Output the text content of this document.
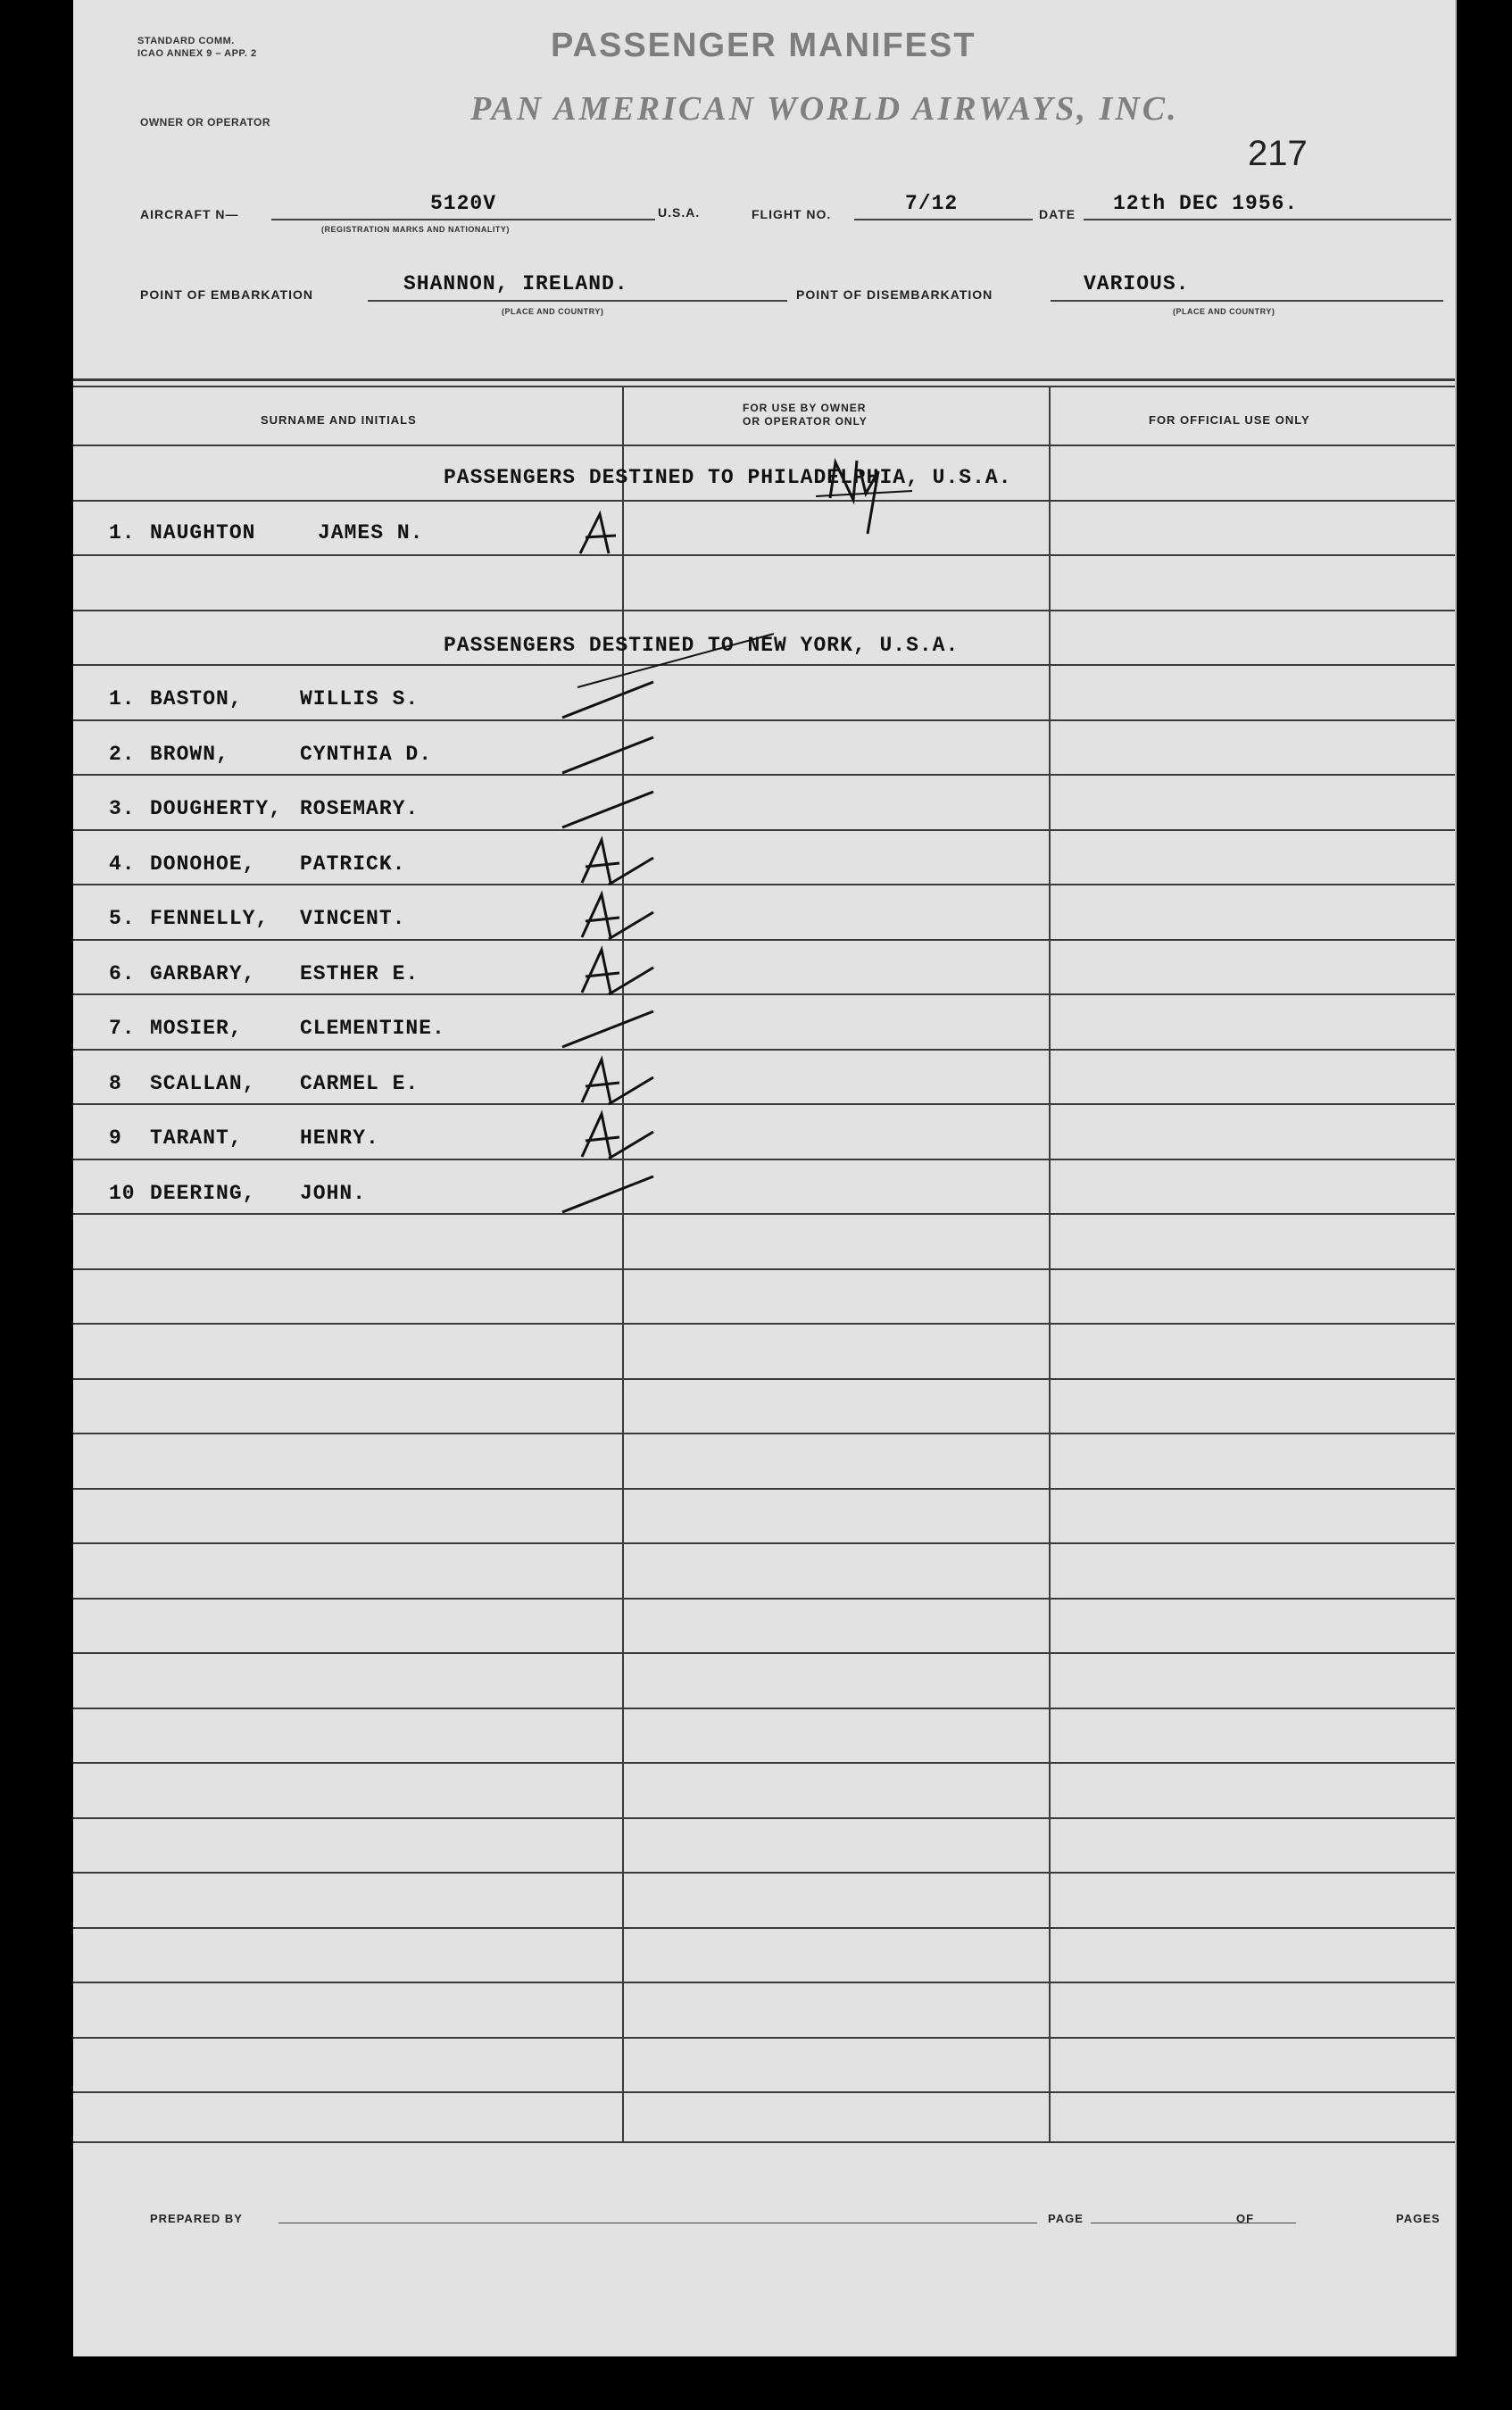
STANDARD COMM.
ICAO ANNEX 9 – APP. 2	PASSENGER MANIFEST
OWNER OR OPERATOR	PAN AMERICAN WORLD AIRWAYS, INC.
217
AIRCRAFT N—	5120V
(REGISTRATION MARKS AND NATIONALITY)
U.S.A.	FLIGHT NO.	7/12	DATE 12th DEC 1956.
POINT OF EMBARKATION	SHANNON, IRELAND.
(PLACE AND COUNTRY)
POINT OF DISEMBARKATION	VARIOUS.
(PLACE AND COUNTRY)
SURNAME AND INITIALS
FOR USE BY OWNER
OR OPERATOR ONLY	FOR OFFICIAL USE ONLY
PASSENGERS DESTINED TO PHILADELPHIA, U.S.A.
1. NAUGHTON	JAMES N.
PASSENGERS DESTINED TO NEW YORK, U.S.A.
1. BASTON,	WILLIS S.
2. BROWN,	CYNTHIA D.
3. DOUGHERTY, ROSEMARY.
4. DONOHOE, PATRICK.
5. FENNELLY, VINCENT.
6. GARBARY, ESTHER E.
7. MOSIER,	CLEMENTINE.
8 SCALLAN, CARMEL E.
9 TARANT,	HENRY.
10 DEERING, JOHN.
PREPARED BY	PAGE	OF	PAGES
